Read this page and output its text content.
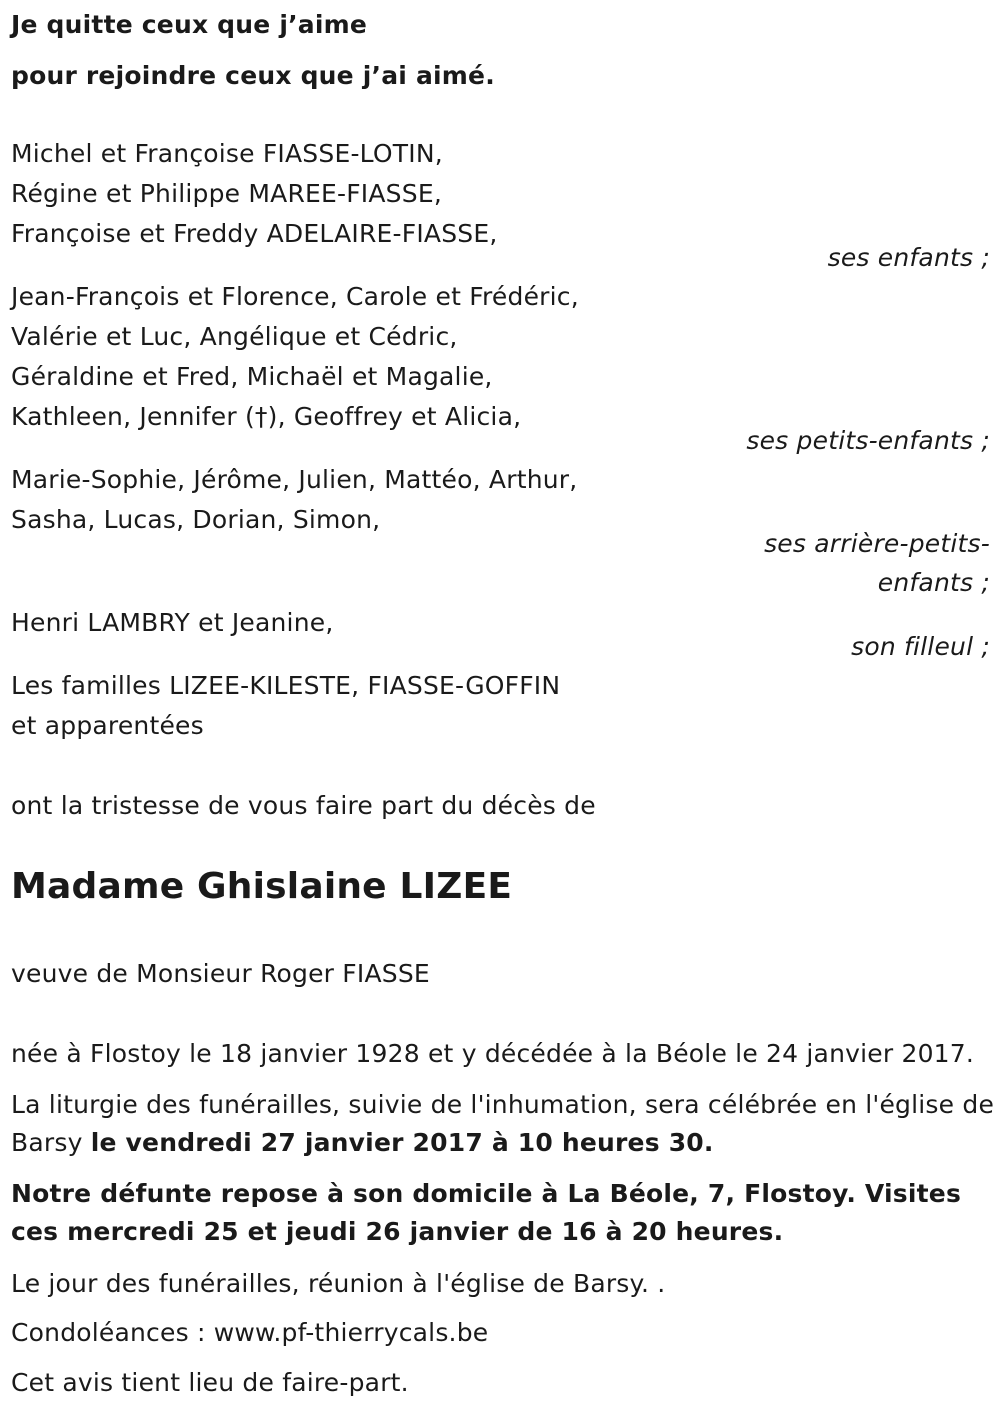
Je quitte ceux que j’aime
pour rejoindre ceux que j’ai aimé.
Michel et Françoise FIASSE-LOTIN,
Régine et Philippe MAREE-FIASSE,
Françoise et Freddy ADELAIRE-FIASSE,
ses enfants ;
Jean-François et Florence, Carole et Frédéric,
Valérie et Luc, Angélique et Cédric,
Géraldine et Fred, Michaël et Magalie,
Kathleen, Jennifer (†), Geoffrey et Alicia,
ses petits-enfants ;
Marie-Sophie, Jérôme, Julien, Mattéo, Arthur,
Sasha, Lucas, Dorian, Simon,
ses arrière-petits-
enfants ;
Henri LAMBRY et Jeanine,
son filleul ;
Les familles LIZEE-KILESTE, FIASSE-GOFFIN
et apparentées
ont la tristesse de vous faire part du décès de
Madame Ghislaine LIZEE
veuve de Monsieur Roger FIASSE
née à Flostoy le 18 janvier 1928 et y décédée à la Béole le 24 janvier 2017.
La liturgie des funérailles, suivie de l'inhumation, sera célébrée en l'église de Barsy le vendredi 27 janvier 2017 à 10 heures 30.
Notre défunte repose à son domicile à La Béole, 7, Flostoy. Visites ces mercredi 25 et jeudi 26 janvier de 16 à 20 heures.
Le jour des funérailles, réunion à l'église de Barsy. .
Condoléances : www.pf-thierrycals.be
Cet avis tient lieu de faire-part.
